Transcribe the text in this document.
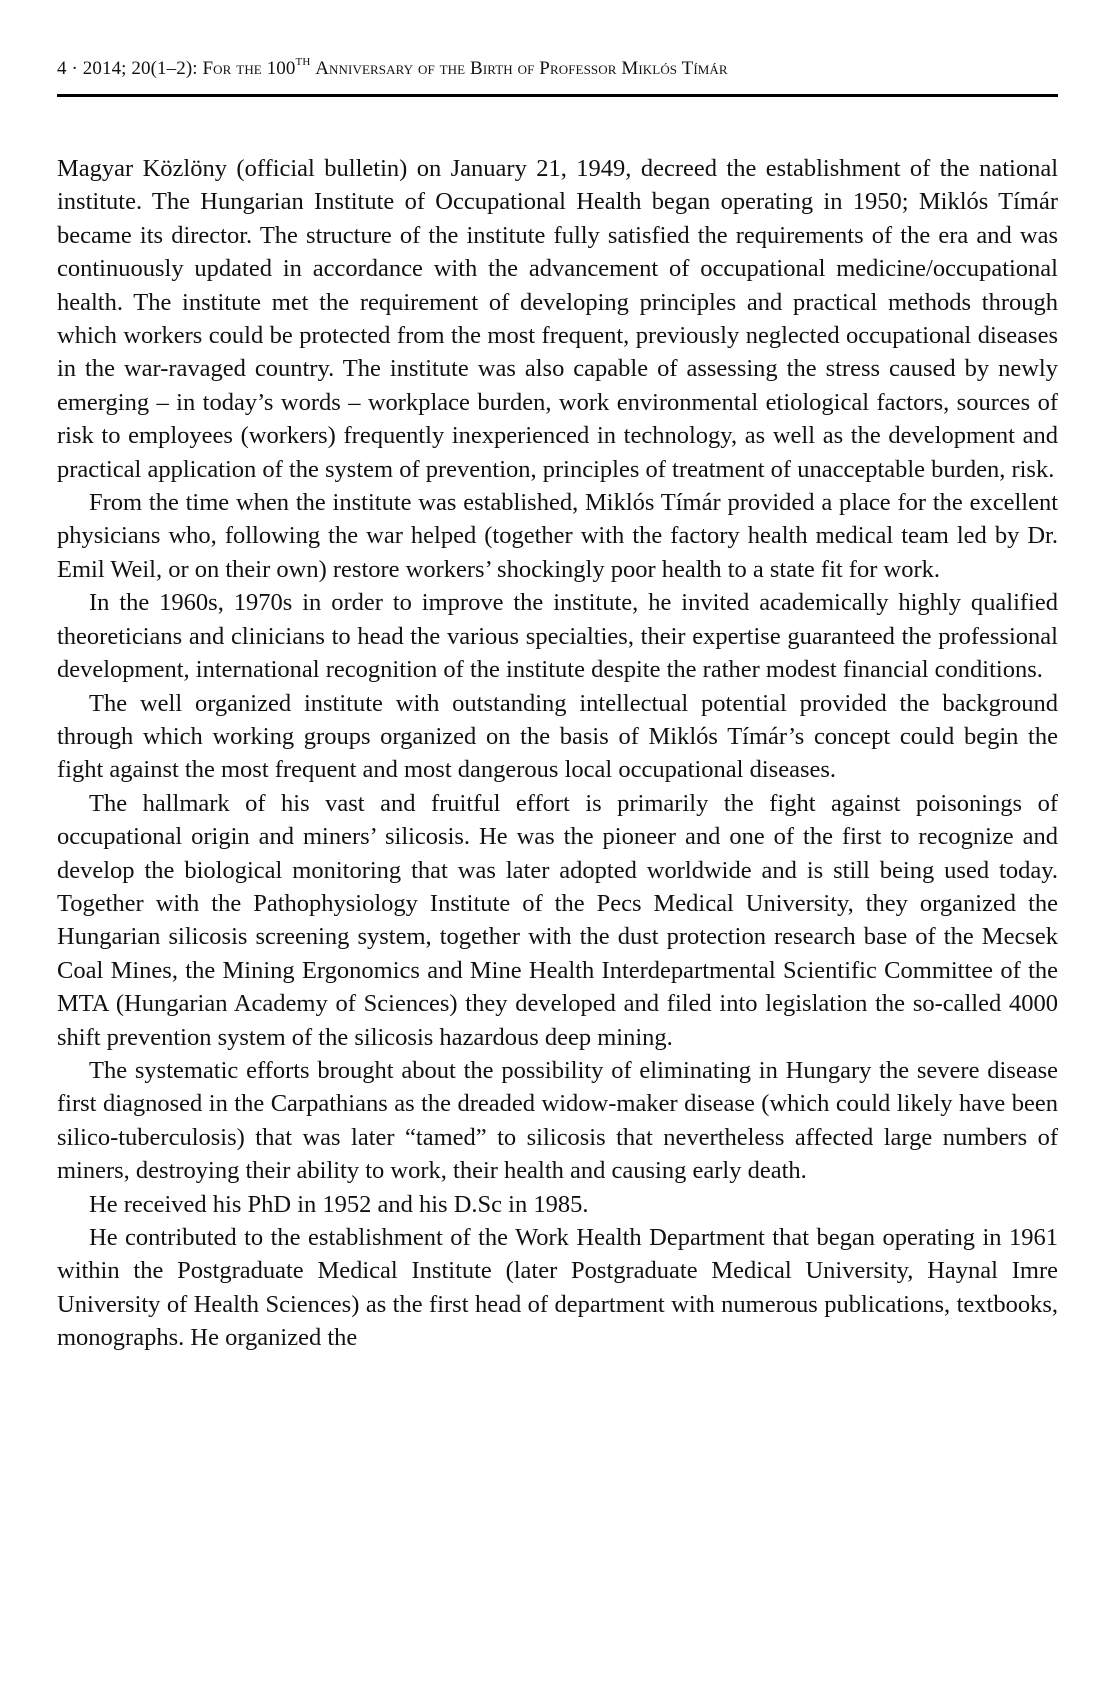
4 · 2014; 20(1–2): For the 100TH Anniversary of the Birth of Professor Miklós Tímár

Magyar Közlöny (official bulletin) on January 21, 1949, decreed the establishment of the national institute. The Hungarian Institute of Occupational Health began operating in 1950; Miklós Tímár became its director. The structure of the institute fully satisfied the requirements of the era and was continuously updated in accordance with the advancement of occupational medicine/occupational health. The institute met the requirement of developing principles and practical methods through which workers could be protected from the most frequent, previously neglected occupational diseases in the war-ravaged country. The institute was also capable of assessing the stress caused by newly emerging – in today’s words – workplace burden, work environmental etiological factors, sources of risk to employees (workers) frequently inexperienced in technology, as well as the development and practical application of the system of prevention, principles of treatment of unacceptable burden, risk.

From the time when the institute was established, Miklós Tímár provided a place for the excellent physicians who, following the war helped (together with the factory health medical team led by Dr. Emil Weil, or on their own) restore workers’ shockingly poor health to a state fit for work.

In the 1960s, 1970s in order to improve the institute, he invited academically highly qualified theoreticians and clinicians to head the various specialties, their expertise guaranteed the professional development, international recognition of the institute despite the rather modest financial conditions.

The well organized institute with outstanding intellectual potential provided the background through which working groups organized on the basis of Miklós Tímár’s concept could begin the fight against the most frequent and most dangerous local occupational diseases.

The hallmark of his vast and fruitful effort is primarily the fight against poisonings of occupational origin and miners’ silicosis. He was the pioneer and one of the first to recognize and develop the biological monitoring that was later adopted worldwide and is still being used today. Together with the Pathophysiology Institute of the Pecs Medical University, they organized the Hungarian silicosis screening system, together with the dust protection research base of the Mecsek Coal Mines, the Mining Ergonomics and Mine Health Interdepartmental Scientific Committee of the MTA (Hungarian Academy of Sciences) they developed and filed into legislation the so-called 4000 shift prevention system of the silicosis hazardous deep mining.

The systematic efforts brought about the possibility of eliminating in Hungary the severe disease first diagnosed in the Carpathians as the dreaded widow-maker disease (which could likely have been silico-tuberculosis) that was later “tamed” to silicosis that nevertheless affected large numbers of miners, destroying their ability to work, their health and causing early death.

He received his PhD in 1952 and his D.Sc in 1985.

He contributed to the establishment of the Work Health Department that began operating in 1961 within the Postgraduate Medical Institute (later Postgraduate Medical University, Haynal Imre University of Health Sciences) as the first head of department with numerous publications, textbooks, monographs. He organized the
